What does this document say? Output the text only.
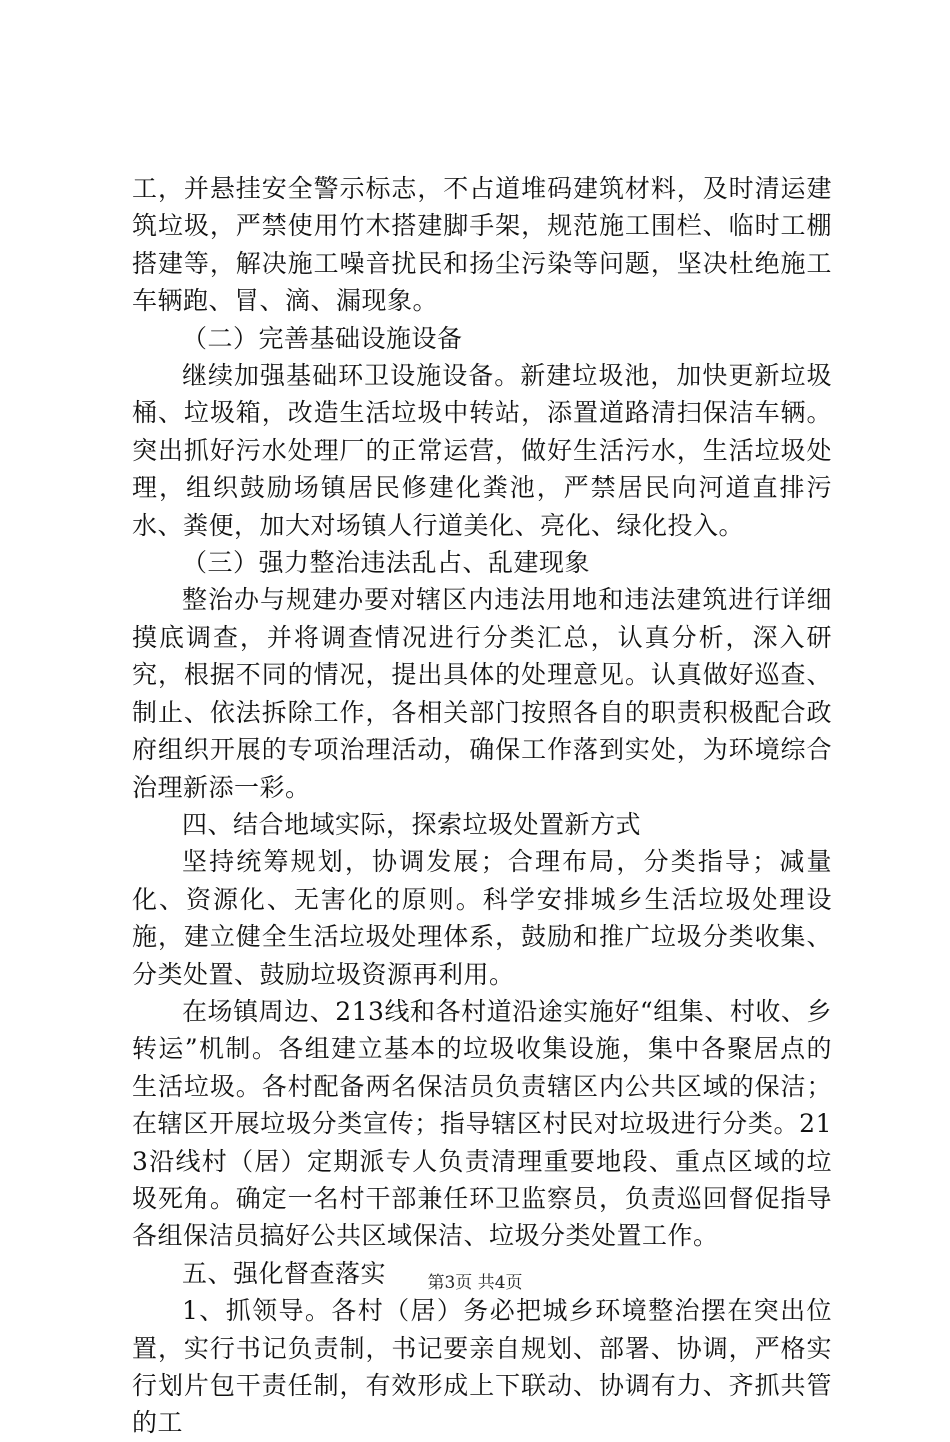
工，并悬挂安全警示标志，不占道堆码建筑材料，及时清运建筑垃圾，严禁使用竹木搭建脚手架，规范施工围栏、临时工棚搭建等，解决施工噪音扰民和扬尘污染等问题，坚决杜绝施工车辆跑、冒、滴、漏现象。

（二）完善基础设施设备

继续加强基础环卫设施设备。新建垃圾池，加快更新垃圾桶、垃圾箱，改造生活垃圾中转站，添置道路清扫保洁车辆。突出抓好污水处理厂的正常运营，做好生活污水，生活垃圾处理，组织鼓励场镇居民修建化粪池，严禁居民向河道直排污水、粪便，加大对场镇人行道美化、亮化、绿化投入。

（三）强力整治违法乱占、乱建现象

整治办与规建办要对辖区内违法用地和违法建筑进行详细摸底调查，并将调查情况进行分类汇总，认真分析，深入研究，根据不同的情况，提出具体的处理意见。认真做好巡查、制止、依法拆除工作，各相关部门按照各自的职责积极配合政府组织开展的专项治理活动，确保工作落到实处，为环境综合治理新添一彩。

四、结合地域实际，探索垃圾处置新方式

坚持统筹规划，协调发展；合理布局，分类指导；减量化、资源化、无害化的原则。科学安排城乡生活垃圾处理设施，建立健全生活垃圾处理体系，鼓励和推广垃圾分类收集、分类处置、鼓励垃圾资源再利用。

在场镇周边、213线和各村道沿途实施好“组集、村收、乡转运”机制。各组建立基本的垃圾收集设施，集中各聚居点的生活垃圾。各村配备两名保洁员负责辖区内公共区域的保洁；在辖区开展垃圾分类宣传；指导辖区村民对垃圾进行分类。213沿线村（居）定期派专人负责清理重要地段、重点区域的垃圾死角。确定一名村干部兼任环卫监察员，负责巡回督促指导各组保洁员搞好公共区域保洁、垃圾分类处置工作。

五、强化督查落实

1、抓领导。各村（居）务必把城乡环境整治摆在突出位置，实行书记负责制，书记要亲自规划、部署、协调，严格实行划片包干责任制，有效形成上下联动、协调有力、齐抓共管的工

第3页 共4页
